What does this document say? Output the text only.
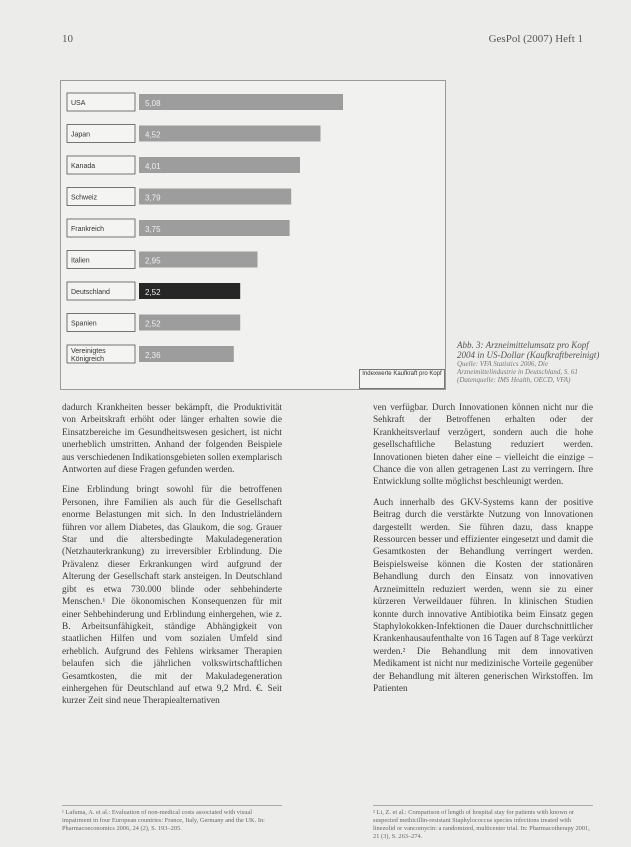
10	GesPol (2007) Heft 1
USA	5,08
Japan	4,52
Kanada	4,01
Schweiz	3,79
Frankreich	3,75
Italien	2,95
Deutschland	2,52
Spanien	2,52
Vereinigtes Königreich	2,36
Indexwerte Kaufkraft pro Kopf
Abb. 3: Arzneimittelumsatz pro Kopf 2004 in US-Dollar (Kaufkraftbereinigt)
Quelle: VFA Statistics 2006, Die Arzneimittelindustrie in Deutschland, S. 61 (Datenquelle: IMS Health, OECD, VFA)

dadurch Krankheiten besser bekämpft, die Produktivität von Arbeitskraft erhöht oder länger erhalten sowie die Einsatzbereiche im Gesundheitswesen gesichert, ist nicht unerheblich umstritten. Anhand der folgenden Beispiele aus verschiedenen Indikationsgebieten sollen exemplarisch Antworten auf diese Fragen gefunden werden.

Eine Erblindung bringt sowohl für die betroffenen Personen, ihre Familien als auch für die Gesellschaft enorme Belastungen mit sich. In den Industrieländern führen vor allem Diabetes, das Glaukom, die sog. Grauer Star und die altersbedingte Makuladegeneration (Netzhauterkrankung) zu irreversibler Erblindung. Die Prävalenz dieser Erkrankungen wird aufgrund der Alterung der Gesellschaft stark ansteigen. In Deutschland gibt es etwa 730.000 blinde oder sehbehinderte Menschen.¹ Die ökonomischen Konsequenzen für mit einer Sehbehinderung und Erblindung einhergehen, wie z. B. Arbeitsunfähigkeit, ständige Abhängigkeit von staatlichen Hilfen und vom sozialen Umfeld sind erheblich. Aufgrund des Fehlens wirksamer Therapien belaufen sich die jährlichen volkswirtschaftlichen Gesamtkosten, die mit der Makuladegeneration einhergehen für Deutschland auf etwa 9,2 Mrd. €. Seit kurzer Zeit sind neue Therapiealternativen

ven verfügbar. Durch Innovationen können nicht nur die Sehkraft der Betroffenen erhalten oder der Krankheitsverlauf verzögert, sondern auch die hohe gesellschaftliche Belastung reduziert werden. Innovationen bieten daher eine – vielleicht die einzige – Chance die von allen getragenen Last zu verringern. Ihre Entwicklung sollte möglichst beschleunigt werden.

Auch innerhalb des GKV-Systems kann der positive Beitrag durch die verstärkte Nutzung von Innovationen dargestellt werden. Sie führen dazu, dass knappe Ressourcen besser und effizienter eingesetzt und damit die Gesamtkosten der Behandlung verringert werden. Beispielsweise können die Kosten der stationären Behandlung durch den Einsatz von innovativen Arzneimitteln reduziert werden, wenn sie zu einer kürzeren Verweildauer führen. In klinischen Studien konnte durch innovative Antibiotika beim Einsatz gegen Staphylokokken-Infektionen die Dauer durchschnittlicher Krankenhausaufenthalte von 16 Tagen auf 8 Tage verkürzt werden.² Die Behandlung mit dem innovativen Medikament ist nicht nur medizinische Vorteile gegenüber der Behandlung mit älteren generischen Wirkstoffen. Im Patienten

¹ Lafuma, A. et al.: Evaluation of non-medical costs associated with visual impairment in four European countries: France, Italy, Germany and the UK. In: Pharmacoeconomics 2006, 24 (2), S. 193–205.
² Li, Z. et al.: Comparison of length of hospital stay for patients with known or suspected methicillin-resistant Staphylococcus species infections treated with linezolid or vancomycin: a randomized, multicenter trial. In: Pharmacotherapy 2001, 21 (3), S. 263–274.
